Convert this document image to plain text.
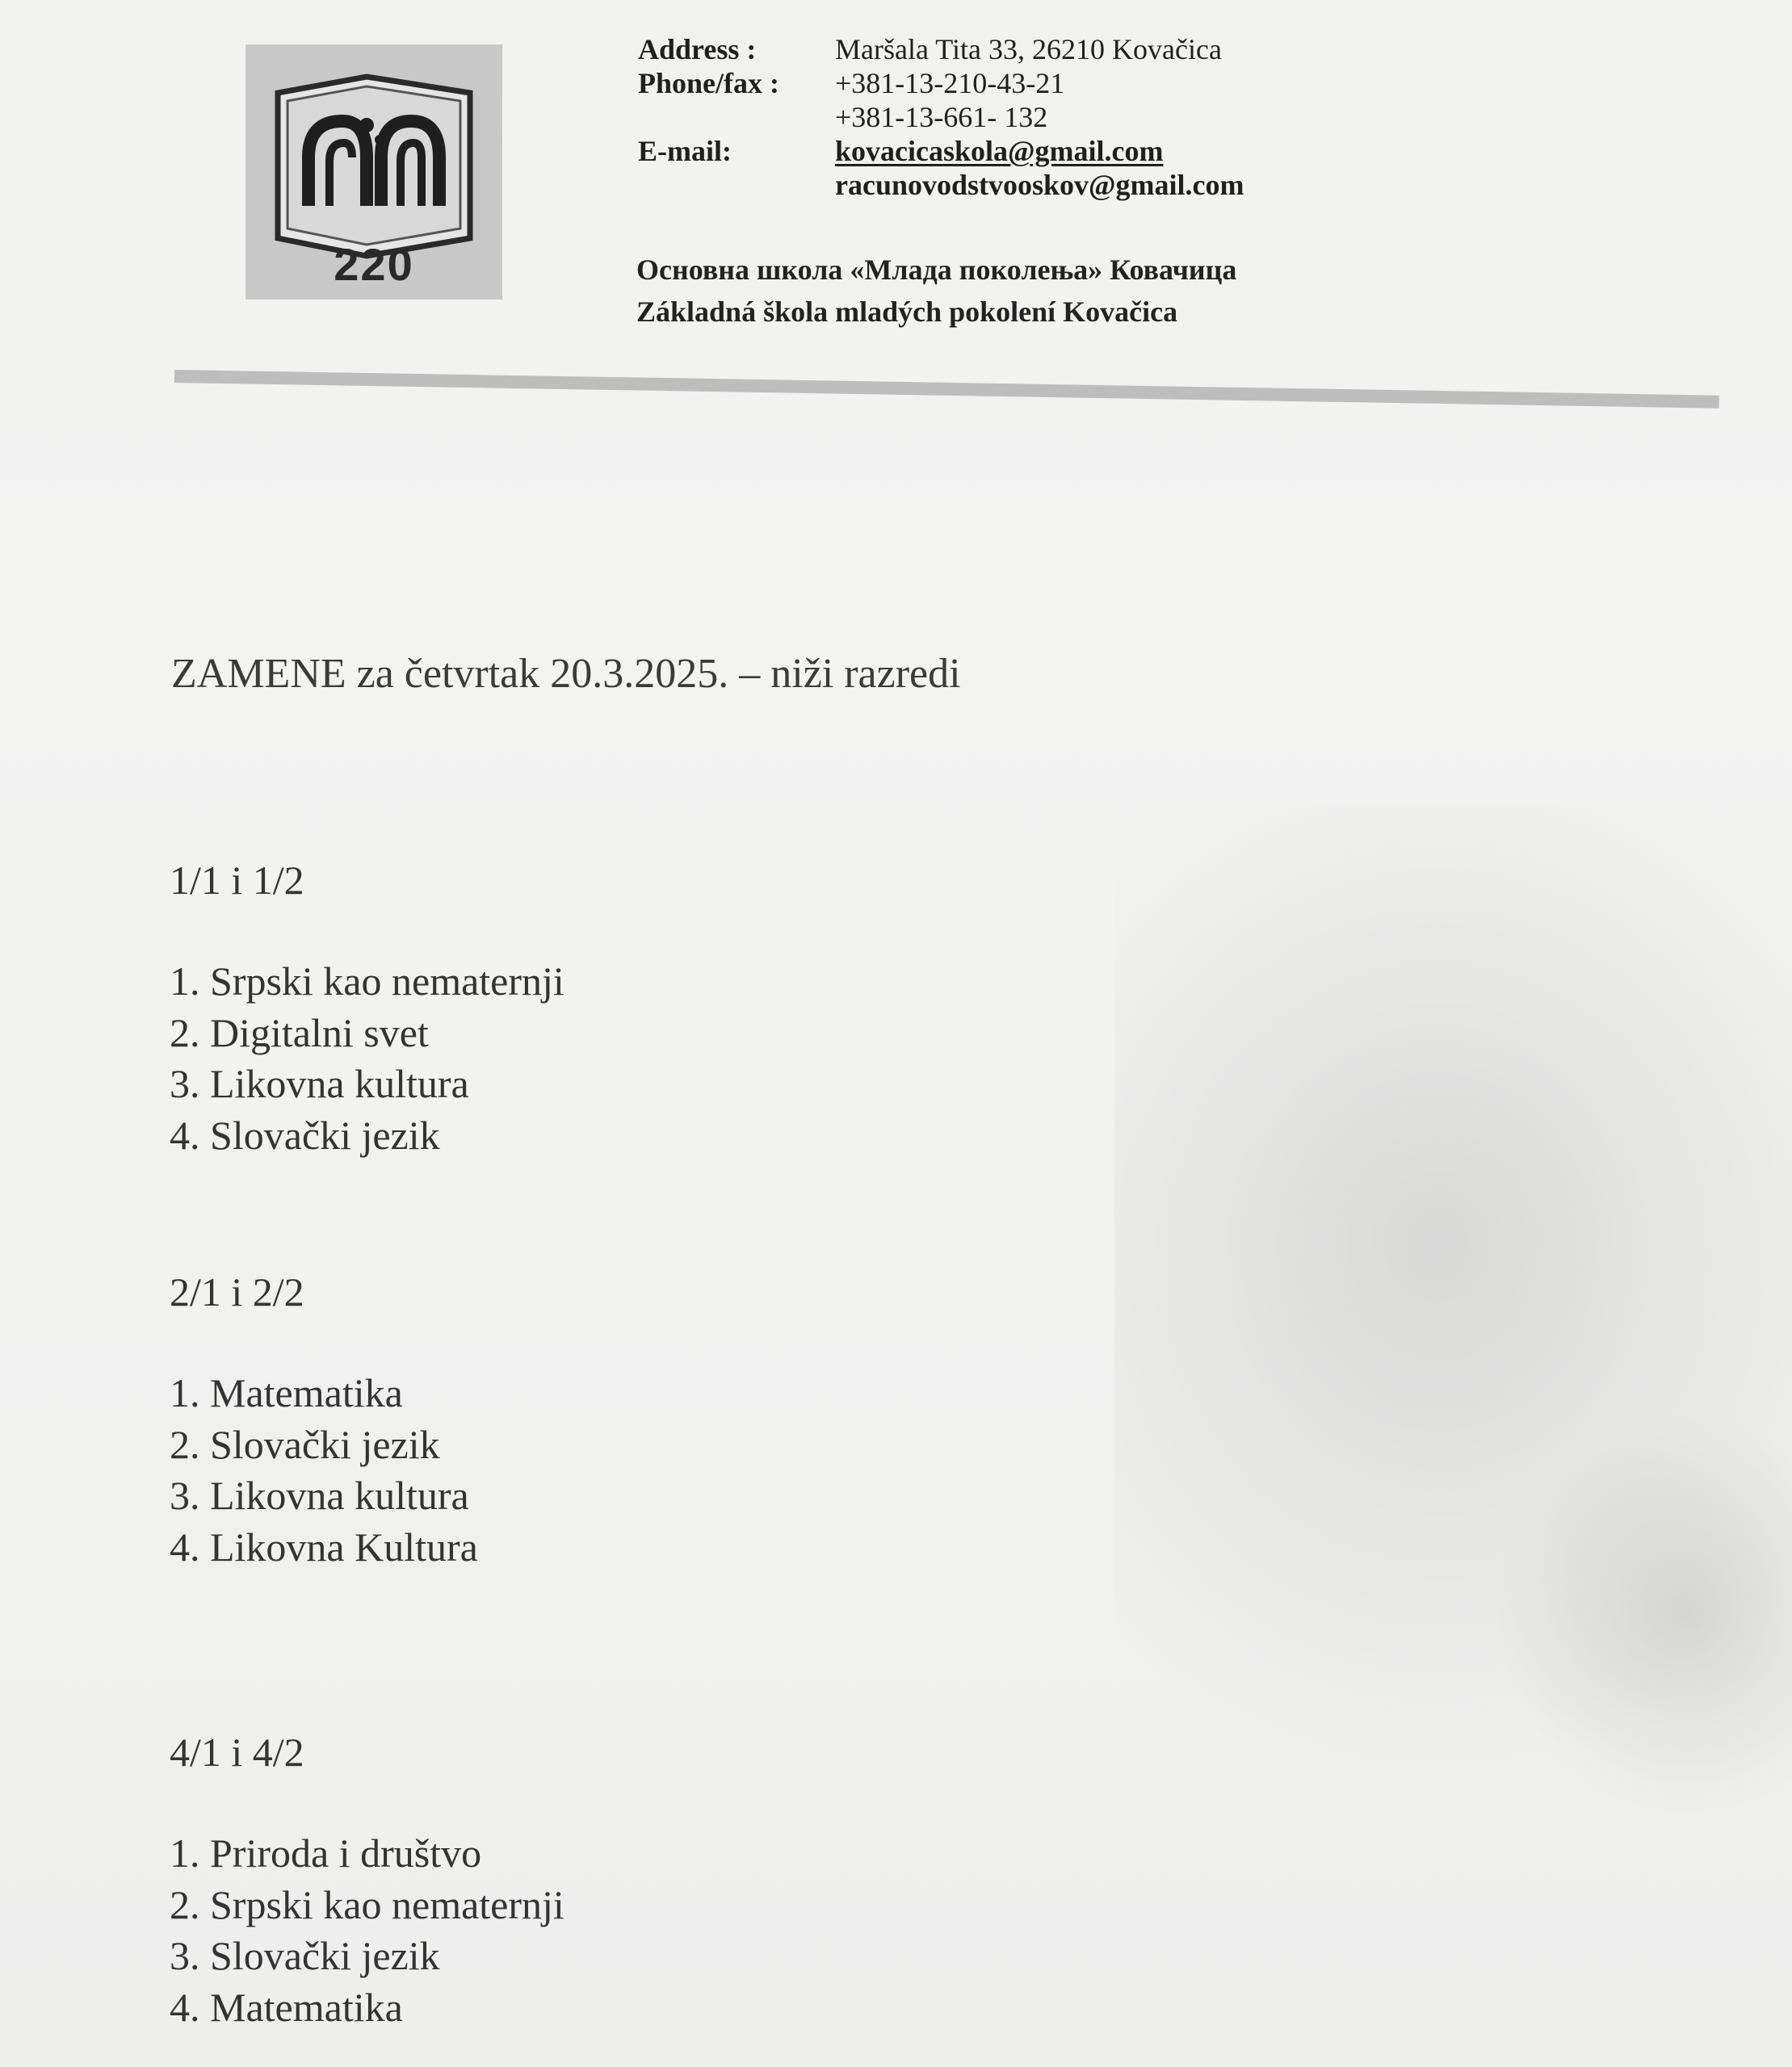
220
Address :	Maršala Tita 33, 26210 Kovačica
Phone/fax :	+381-13-210-43-21
+381-13-661- 132
E-mail:	kovacicaskola@gmail.com
racunovodstvooskov@gmail.com
Основна школа «Млада поколења» Ковачица
Základná škola mladých pokolení Kovačica
ZAMENE za četvrtak 20.3.2025. – niži razredi
1/1 i 1/2
1. Srpski kao nematernji
2. Digitalni svet
3. Likovna kultura
4. Slovački jezik
2/1 i 2/2
1. Matematika
2. Slovački jezik
3. Likovna kultura
4. Likovna Kultura
4/1 i 4/2
1. Priroda i društvo
2. Srpski kao nematernji
3. Slovački jezik
4. Matematika
